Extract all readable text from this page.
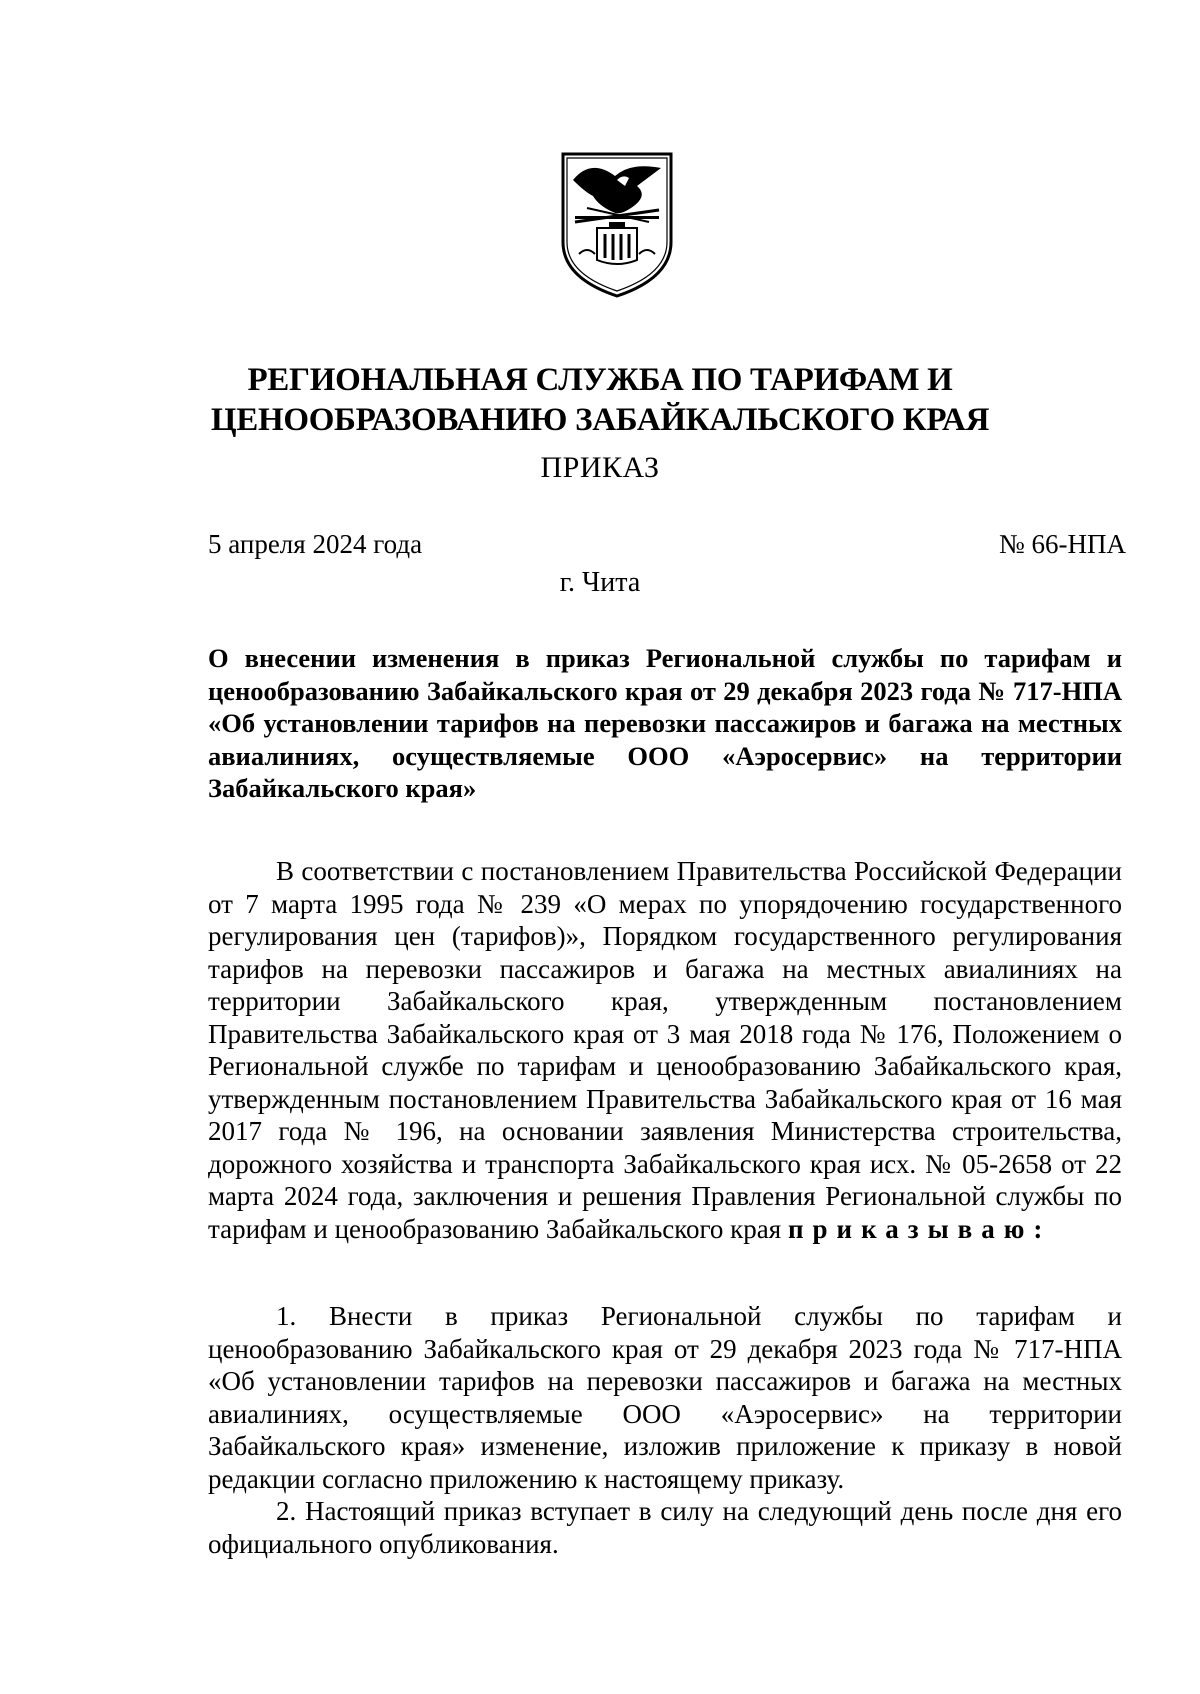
РЕГИОНАЛЬНАЯ СЛУЖБА ПО ТАРИФАМ И
ЦЕНООБРАЗОВАНИЮ ЗАБАЙКАЛЬСКОГО КРАЯ
ПРИКАЗ
5 апреля 2024 года	№ 66-НПА
г. Чита
О внесении изменения в приказ Региональной службы по тарифам и ценообразованию Забайкальского края от 29 декабря 2023 года № 717-НПА «Об установлении тарифов на перевозки пассажиров и багажа на местных авиалиниях, осуществляемые ООО «Аэросервис» на территории Забайкальского края»
В соответствии с постановлением Правительства Российской Федерации от 7 марта 1995 года № 239 «О мерах по упорядочению государственного регулирования цен (тарифов)», Порядком государственного регулирования тарифов на перевозки пассажиров и багажа на местных авиалиниях на территории Забайкальского края, утвержденным постановлением Правительства Забайкальского края от 3 мая 2018 года № 176, Положением о Региональной службе по тарифам и ценообразованию Забайкальского края, утвержденным постановлением Правительства Забайкальского края от 16 мая 2017 года № 196, на основании заявления Министерства строительства, дорожного хозяйства и транспорта Забайкальского края исх. № 05-2658 от 22 марта 2024 года, заключения и решения Правления Региональной службы по тарифам и ценообразованию Забайкальского края приказываю:
1. Внести в приказ Региональной службы по тарифам и ценообразованию Забайкальского края от 29 декабря 2023 года № 717-НПА «Об установлении тарифов на перевозки пассажиров и багажа на местных авиалиниях, осуществляемые ООО «Аэросервис» на территории Забайкальского края» изменение, изложив приложение к приказу в новой редакции согласно приложению к настоящему приказу.
2. Настоящий приказ вступает в силу на следующий день после дня его официального опубликования.
